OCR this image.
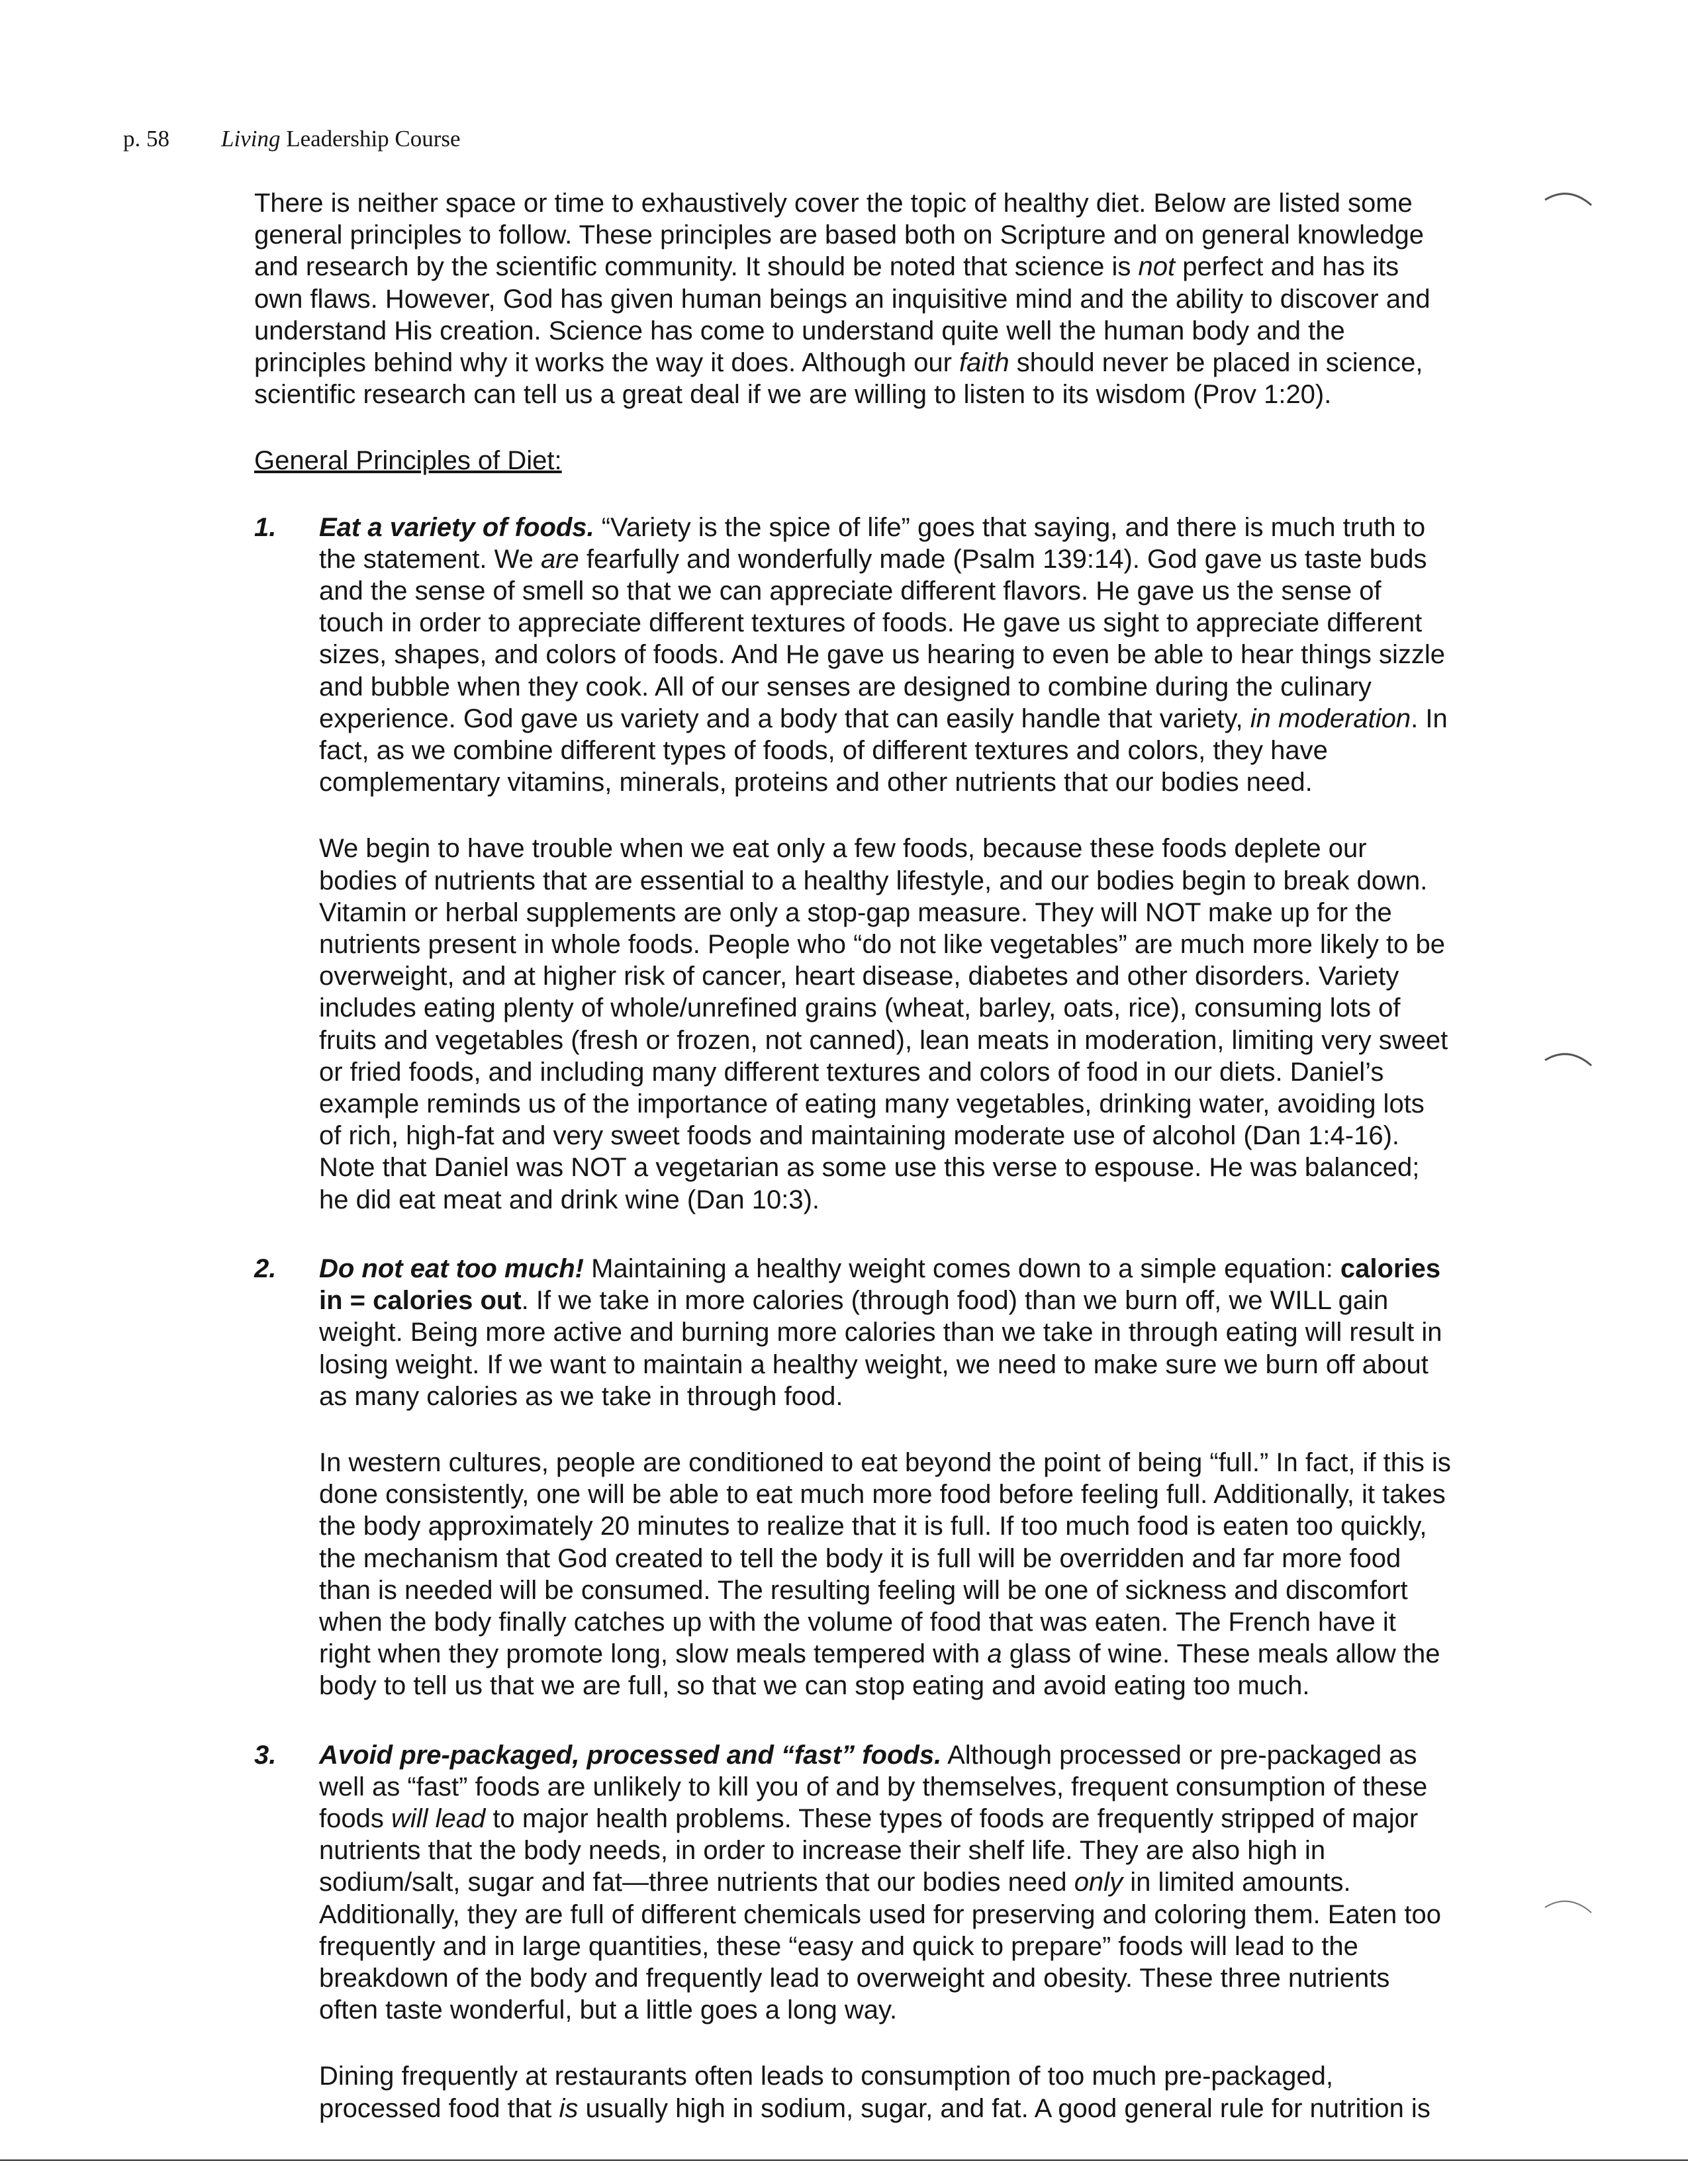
p. 58 Living Leadership Course

There is neither space or time to exhaustively cover the topic of healthy diet. Below are listed some
general principles to follow. These principles are based both on Scripture and on general knowledge
and research by the scientific community. It should be noted that science is not perfect and has its
own flaws. However, God has given human beings an inquisitive mind and the ability to discover and
understand His creation. Science has come to understand quite well the human body and the
principles behind why it works the way it does. Although our faith should never be placed in science,
scientific research can tell us a great deal if we are willing to listen to its wisdom (Prov 1:20).

General Principles of Diet:

1. Eat a variety of foods. “Variety is the spice of life” goes that saying, and there is much truth to
the statement. We are fearfully and wonderfully made (Psalm 139:14). God gave us taste buds
and the sense of smell so that we can appreciate different flavors. He gave us the sense of
touch in order to appreciate different textures of foods. He gave us sight to appreciate different
sizes, shapes, and colors of foods. And He gave us hearing to even be able to hear things sizzle
and bubble when they cook. All of our senses are designed to combine during the culinary
experience. God gave us variety and a body that can easily handle that variety, in moderation. In
fact, as we combine different types of foods, of different textures and colors, they have
complementary vitamins, minerals, proteins and other nutrients that our bodies need.

We begin to have trouble when we eat only a few foods, because these foods deplete our
bodies of nutrients that are essential to a healthy lifestyle, and our bodies begin to break down.
Vitamin or herbal supplements are only a stop-gap measure. They will NOT make up for the
nutrients present in whole foods. People who “do not like vegetables” are much more likely to be
overweight, and at higher risk of cancer, heart disease, diabetes and other disorders. Variety
includes eating plenty of whole/unrefined grains (wheat, barley, oats, rice), consuming lots of
fruits and vegetables (fresh or frozen, not canned), lean meats in moderation, limiting very sweet
or fried foods, and including many different textures and colors of food in our diets. Daniel’s
example reminds us of the importance of eating many vegetables, drinking water, avoiding lots
of rich, high-fat and very sweet foods and maintaining moderate use of alcohol (Dan 1:4-16).
Note that Daniel was NOT a vegetarian as some use this verse to espouse. He was balanced;
he did eat meat and drink wine (Dan 10:3).

2. Do not eat too much! Maintaining a healthy weight comes down to a simple equation: calories
in = calories out. If we take in more calories (through food) than we burn off, we WILL gain
weight. Being more active and burning more calories than we take in through eating will result in
losing weight. If we want to maintain a healthy weight, we need to make sure we burn off about
as many calories as we take in through food.

In western cultures, people are conditioned to eat beyond the point of being “full.” In fact, if this is
done consistently, one will be able to eat much more food before feeling full. Additionally, it takes
the body approximately 20 minutes to realize that it is full. If too much food is eaten too quickly,
the mechanism that God created to tell the body it is full will be overridden and far more food
than is needed will be consumed. The resulting feeling will be one of sickness and discomfort
when the body finally catches up with the volume of food that was eaten. The French have it
right when they promote long, slow meals tempered with a glass of wine. These meals allow the
body to tell us that we are full, so that we can stop eating and avoid eating too much.

3. Avoid pre-packaged, processed and “fast” foods. Although processed or pre-packaged as
well as “fast” foods are unlikely to kill you of and by themselves, frequent consumption of these
foods will lead to major health problems. These types of foods are frequently stripped of major
nutrients that the body needs, in order to increase their shelf life. They are also high in
sodium/salt, sugar and fat—three nutrients that our bodies need only in limited amounts.
Additionally, they are full of different chemicals used for preserving and coloring them. Eaten too
frequently and in large quantities, these “easy and quick to prepare” foods will lead to the
breakdown of the body and frequently lead to overweight and obesity. These three nutrients
often taste wonderful, but a little goes a long way.

Dining frequently at restaurants often leads to consumption of too much pre-packaged,
processed food that is usually high in sodium, sugar, and fat. A good general rule for nutrition is
